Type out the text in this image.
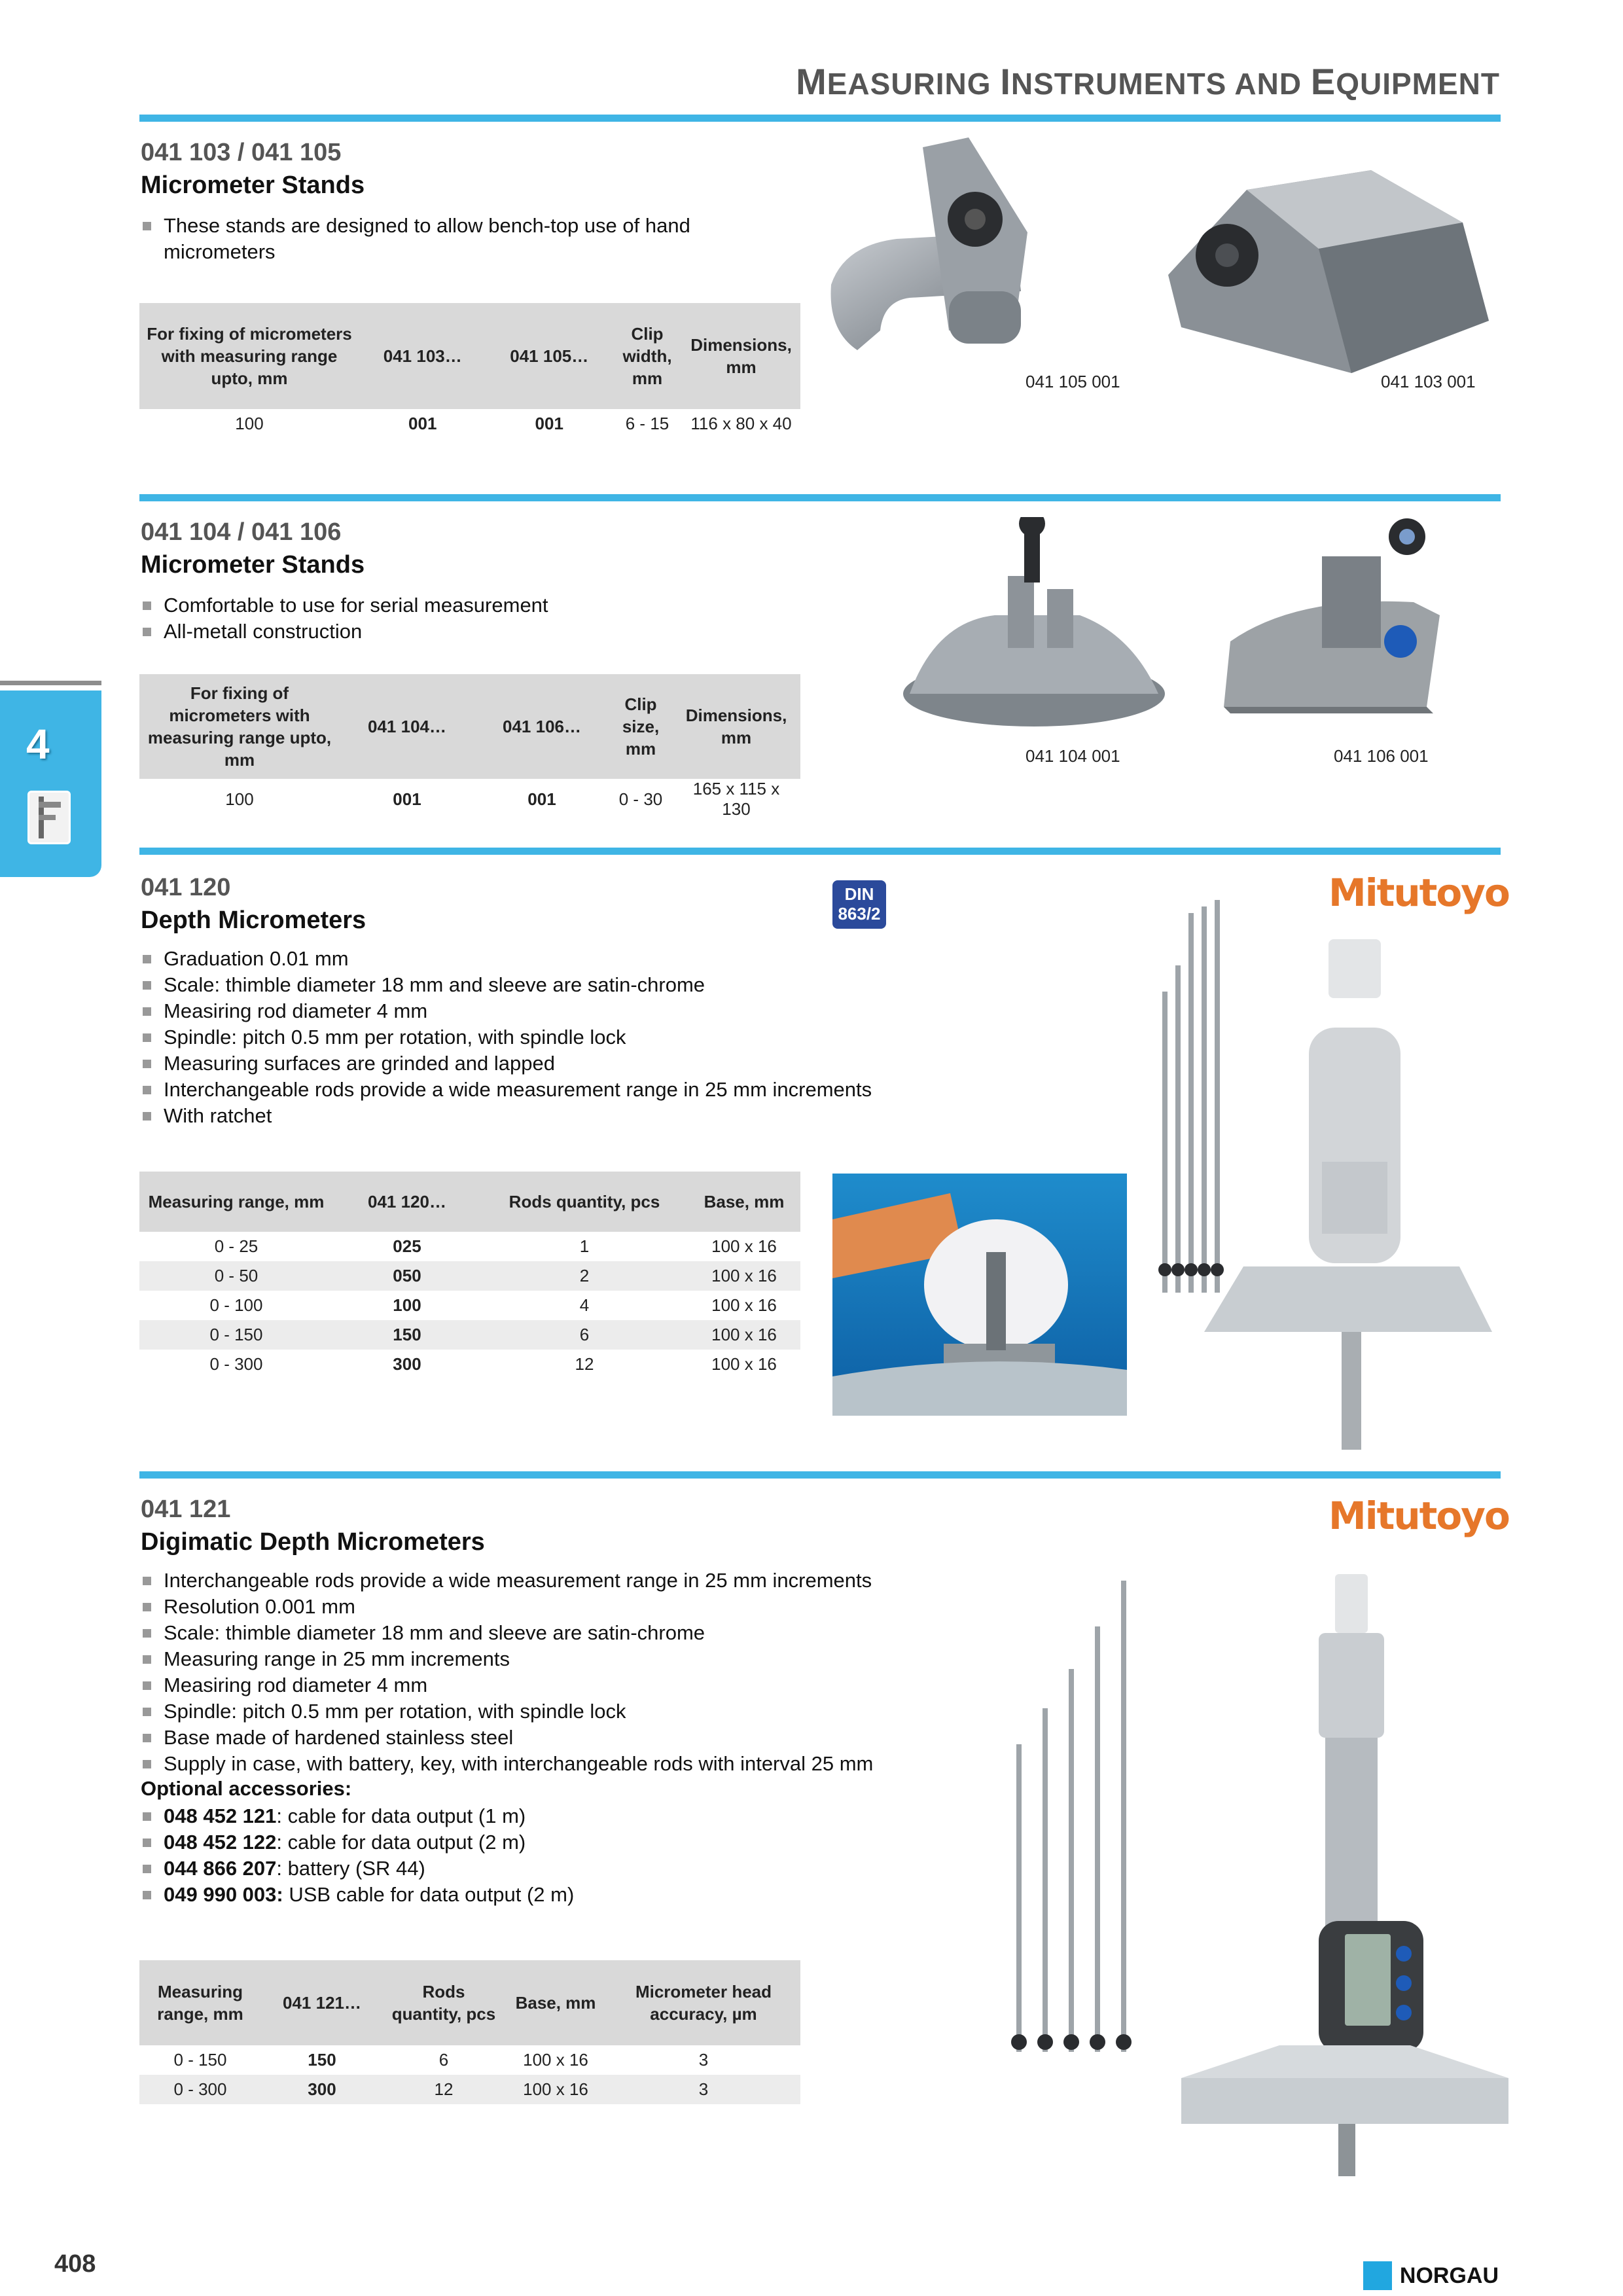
MEASURING INSTRUMENTS AND EQUIPMENT
4
041 103 / 041 105
Micrometer Stands
These stands are designed to allow bench-top use of hand micrometers
For fixing of micrometers with measuring range upto, mm	041 103…	041 105…	Clip width, mm	Dimensions, mm
100	001	001	6 - 15	116 x 80 x 40
041 105 001	041 103 001
041 104 / 041 106
Micrometer Stands
Comfortable to use for serial measurement
All-metall construction
For fixing of micrometers with measuring range upto, mm	041 104…	041 106…	Clip size, mm	Dimensions, mm
100	001	001	0 - 30	165 x 115 x 130
041 104 001	041 106 001
041 120
Depth Micrometers
DIN
863/2	Mitutoyo
Graduation 0.01 mm
Scale: thimble diameter 18 mm and sleeve are satin-chrome
Measiring rod diameter 4 mm
Spindle: pitch 0.5 mm per rotation, with spindle lock
Measuring surfaces are grinded and lapped
Interchangeable rods provide a wide measurement range in 25 mm increments
With ratchet
Measuring range, mm	041 120…	Rods quantity, pcs	Base, mm
0 - 25	025	1	100 x 16
0 - 50	050	2	100 x 16
0 - 100	100	4	100 x 16
0 - 150	150	6	100 x 16
0 - 300	300	12	100 x 16
041 121
Digimatic Depth Micrometers
Mitutoyo
Interchangeable rods provide a wide measurement range in 25 mm increments
Resolution 0.001 mm
Scale: thimble diameter 18 mm and sleeve are satin-chrome
Measuring range in 25 mm increments
Measiring rod diameter 4 mm
Spindle: pitch 0.5 mm per rotation, with spindle lock
Base made of hardened stainless steel
Supply in case, with battery, key, with interchangeable rods with interval 25 mm
Optional accessories:
048 452 121: cable for data output (1 m)
048 452 122: cable for data output (2 m)
044 866 207: battery (SR 44)
049 990 003: USB cable for data output (2 m)
Measuring range, mm	041 121…	Rods quantity, pcs	Base, mm	Micrometer head accuracy, µm
0 - 150	150	6	100 x 16	3
0 - 300	300	12	100 x 16	3
408	NORGAU
